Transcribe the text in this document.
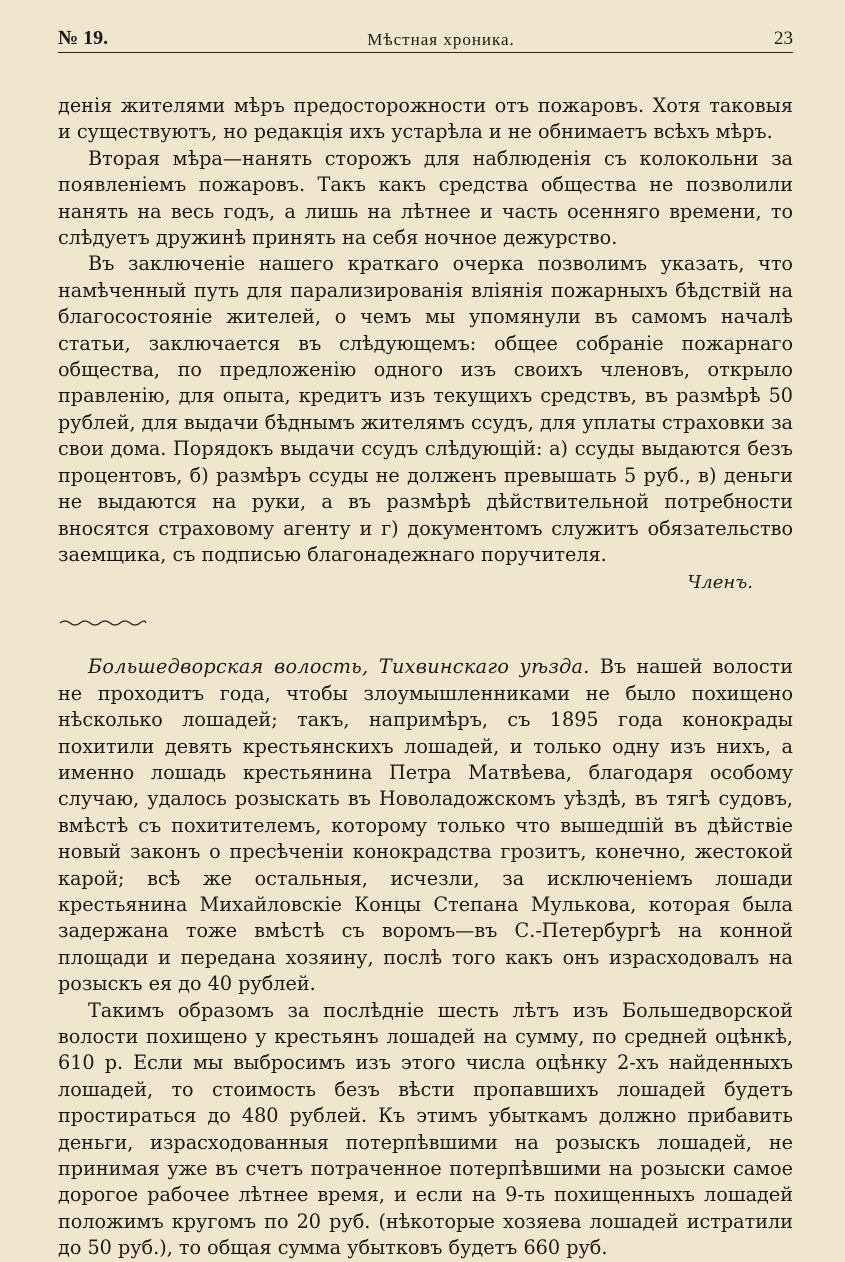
№ 19.	Мѣстная хроника.	23

денія жителями мѣръ предосторожности отъ пожаровъ. Хотя таковыя и существуютъ, но редакція ихъ устарѣла и не обнимаетъ всѣхъ мѣръ.

Вторая мѣра—нанять сторожъ для наблюденія съ колокольни за появленіемъ пожаровъ. Такъ какъ средства общества не позволили нанять на весь годъ, а лишь на лѣтнее и часть осенняго времени, то слѣдуетъ дружинѣ принять на себя ночное дежурство.

Въ заключеніе нашего краткаго очерка позволимъ указать, что намѣченный путь для парализированія вліянія пожарныхъ бѣдствій на благосостояніе жителей, о чемъ мы упомянули въ самомъ началѣ статьи, заключается въ слѣдующемъ: общее собраніе пожарнаго общества, по предложенію одного изъ своихъ членовъ, открыло правленію, для опыта, кредитъ изъ текущихъ средствъ, въ размѣрѣ 50 рублей, для выдачи бѣднымъ жителямъ ссудъ, для уплаты страховки за свои дома. Порядокъ выдачи ссудъ слѣдующій: а) ссуды выдаются безъ процентовъ, б) размѣръ ссуды не долженъ превышать 5 руб., в) деньги не выдаются на руки, а въ размѣрѣ дѣйствительной потребности вносятся страховому агенту и г) документомъ служитъ обязательство заемщика, съ подписью благонадежнаго поручителя.

Членъ.

Большедворская волость, Тихвинскаго уѣзда. Въ нашей волости не проходитъ года, чтобы злоумышленниками не было похищено нѣсколько лошадей; такъ, напримѣръ, съ 1895 года конокрады похитили девять крестьянскихъ лошадей, и только одну изъ нихъ, а именно лошадь крестьянина Петра Матвѣева, благодаря особому случаю, удалось розыскать въ Новоладожскомъ уѣздѣ, въ тягѣ судовъ, вмѣстѣ съ похитителемъ, которому только что вышедшій въ дѣйствіе новый законъ о пресѣченіи конокрадства грозитъ, конечно, жестокой карой; всѣ же остальныя, исчезли, за исключеніемъ лошади крестьянина Михайловскіе Концы Степана Мулькова, которая была задержана тоже вмѣстѣ съ воромъ—въ С.-Петербургѣ на конной площади и передана хозяину, послѣ того какъ онъ израсходовалъ на розыскъ ея до 40 рублей.

Такимъ образомъ за послѣдніе шесть лѣтъ изъ Большедворской волости похищено у крестьянъ лошадей на сумму, по средней оцѣнкѣ, 610 р. Если мы выбросимъ изъ этого числа оцѣнку 2-хъ найденныхъ лошадей, то стоимость безъ вѣсти пропавшихъ лошадей будетъ простираться до 480 рублей. Къ этимъ убыткамъ должно прибавить деньги, израсходованныя потерпѣвшими на розыскъ лошадей, не принимая уже въ счетъ потраченное потерпѣвшими на розыски самое дорогое рабочее лѣтнее время, и если на 9-ть похищенныхъ лошадей положимъ кругомъ по 20 руб. (нѣкоторые хозяева лошадей истратили до 50 руб.), то общая сумма убытковъ будетъ 660 руб.
